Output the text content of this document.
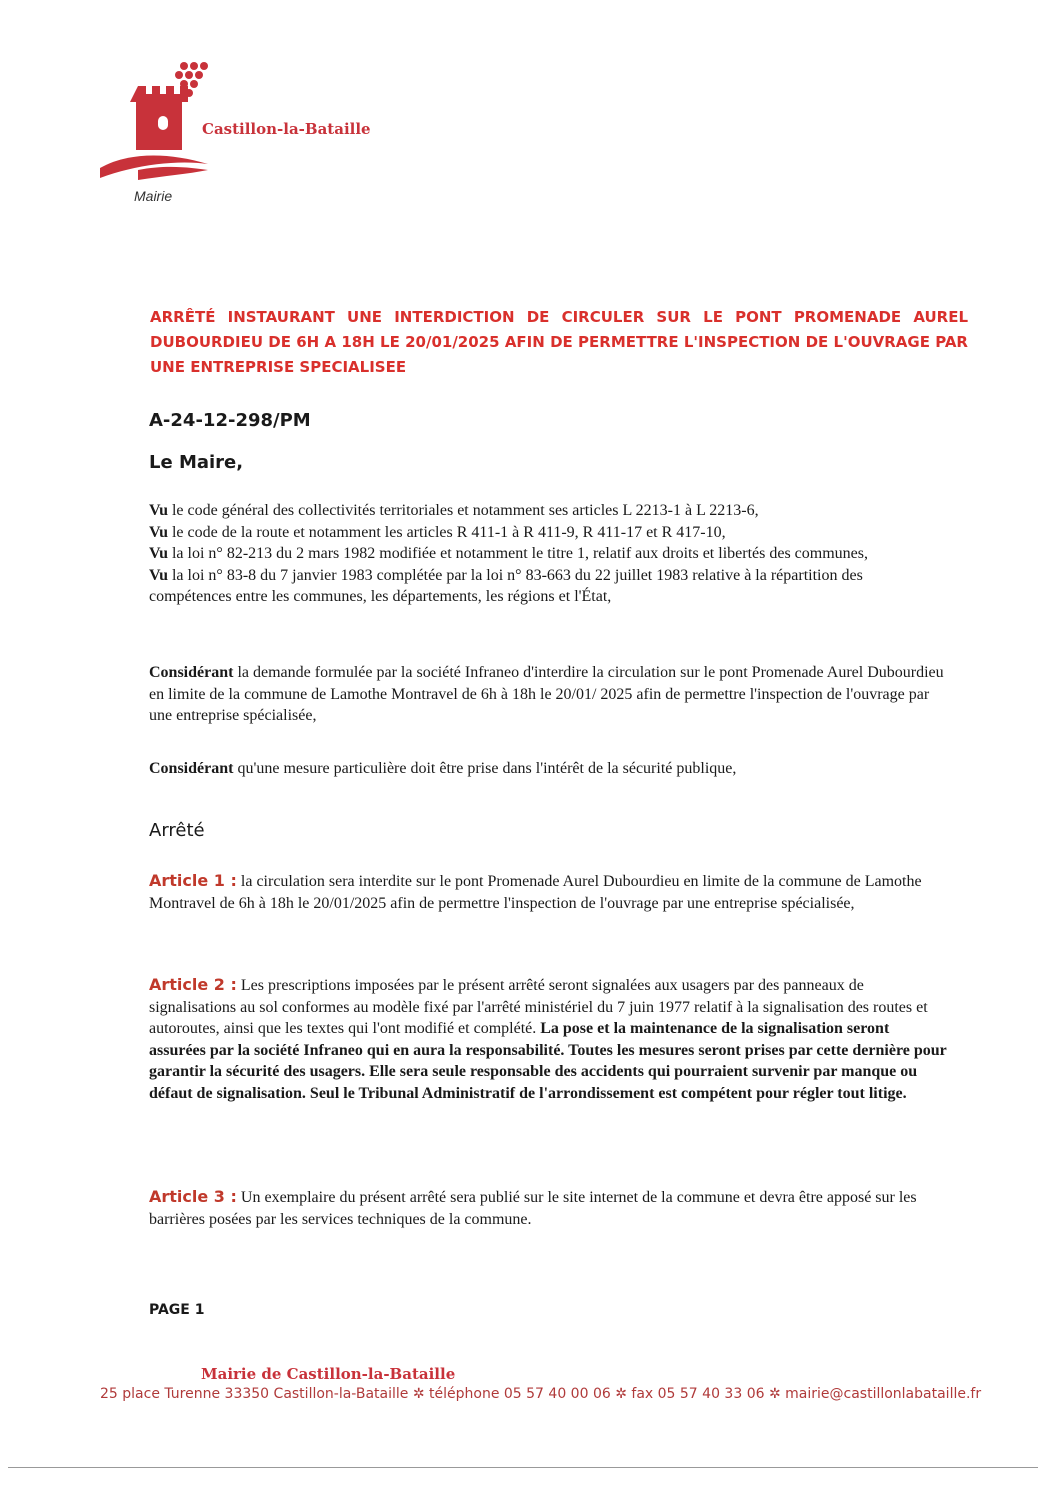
Castillon-la-Bataille
Mairie

ARRÊTÉ INSTAURANT UNE INTERDICTION DE CIRCULER SUR LE PONT PROMENADE AUREL DUBOURDIEU DE 6H A 18H LE 20/01/2025 AFIN DE PERMETTRE L'INSPECTION DE L'OUVRAGE PAR UNE ENTREPRISE SPECIALISEE

A-24-12-298/PM

Le Maire,

Vu le code général des collectivités territoriales et notamment ses articles L 2213-1 à L 2213-6,
Vu le code de la route et notamment les articles R 411-1 à R 411-9, R 411-17 et R 417-10,
Vu la loi n° 82-213 du 2 mars 1982 modifiée et notamment le titre 1, relatif aux droits et libertés des communes,
Vu la loi n° 83-8 du 7 janvier 1983 complétée par la loi n° 83-663 du 22 juillet 1983 relative à la répartition des compétences entre les communes, les départements, les régions et l'État,

Considérant la demande formulée par la société Infraneo d'interdire la circulation sur le pont Promenade Aurel Dubourdieu en limite de la commune de Lamothe Montravel de 6h à 18h le 20/01/ 2025 afin de permettre l'inspection de l'ouvrage par une entreprise spécialisée,

Considérant qu'une mesure particulière doit être prise dans l'intérêt de la sécurité publique,

Arrêté

Article 1 : la circulation sera interdite sur le pont Promenade Aurel Dubourdieu en limite de la commune de Lamothe Montravel de 6h à 18h le 20/01/2025 afin de permettre l'inspection de l'ouvrage par une entreprise spécialisée,

Article 2 : Les prescriptions imposées par le présent arrêté seront signalées aux usagers par des panneaux de signalisations au sol conformes au modèle fixé par l'arrêté ministériel du 7 juin 1977 relatif à la signalisation des routes et autoroutes, ainsi que les textes qui l'ont modifié et complété. La pose et la maintenance de la signalisation seront assurées par la société Infraneo qui en aura la responsabilité. Toutes les mesures seront prises par cette dernière pour garantir la sécurité des usagers. Elle sera seule responsable des accidents qui pourraient survenir par manque ou défaut de signalisation. Seul le Tribunal Administratif de l'arrondissement est compétent pour régler tout litige.

Article 3 : Un exemplaire du présent arrêté sera publié sur le site internet de la commune et devra être apposé sur les barrières posées par les services techniques de la commune.

PAGE 1

Mairie de Castillon-la-Bataille

25 place Turenne 33350 Castillon-la-Bataille ✲ téléphone 05 57 40 00 06 ✲ fax 05 57 40 33 06 ✲ mairie@castillonlabataille.fr
